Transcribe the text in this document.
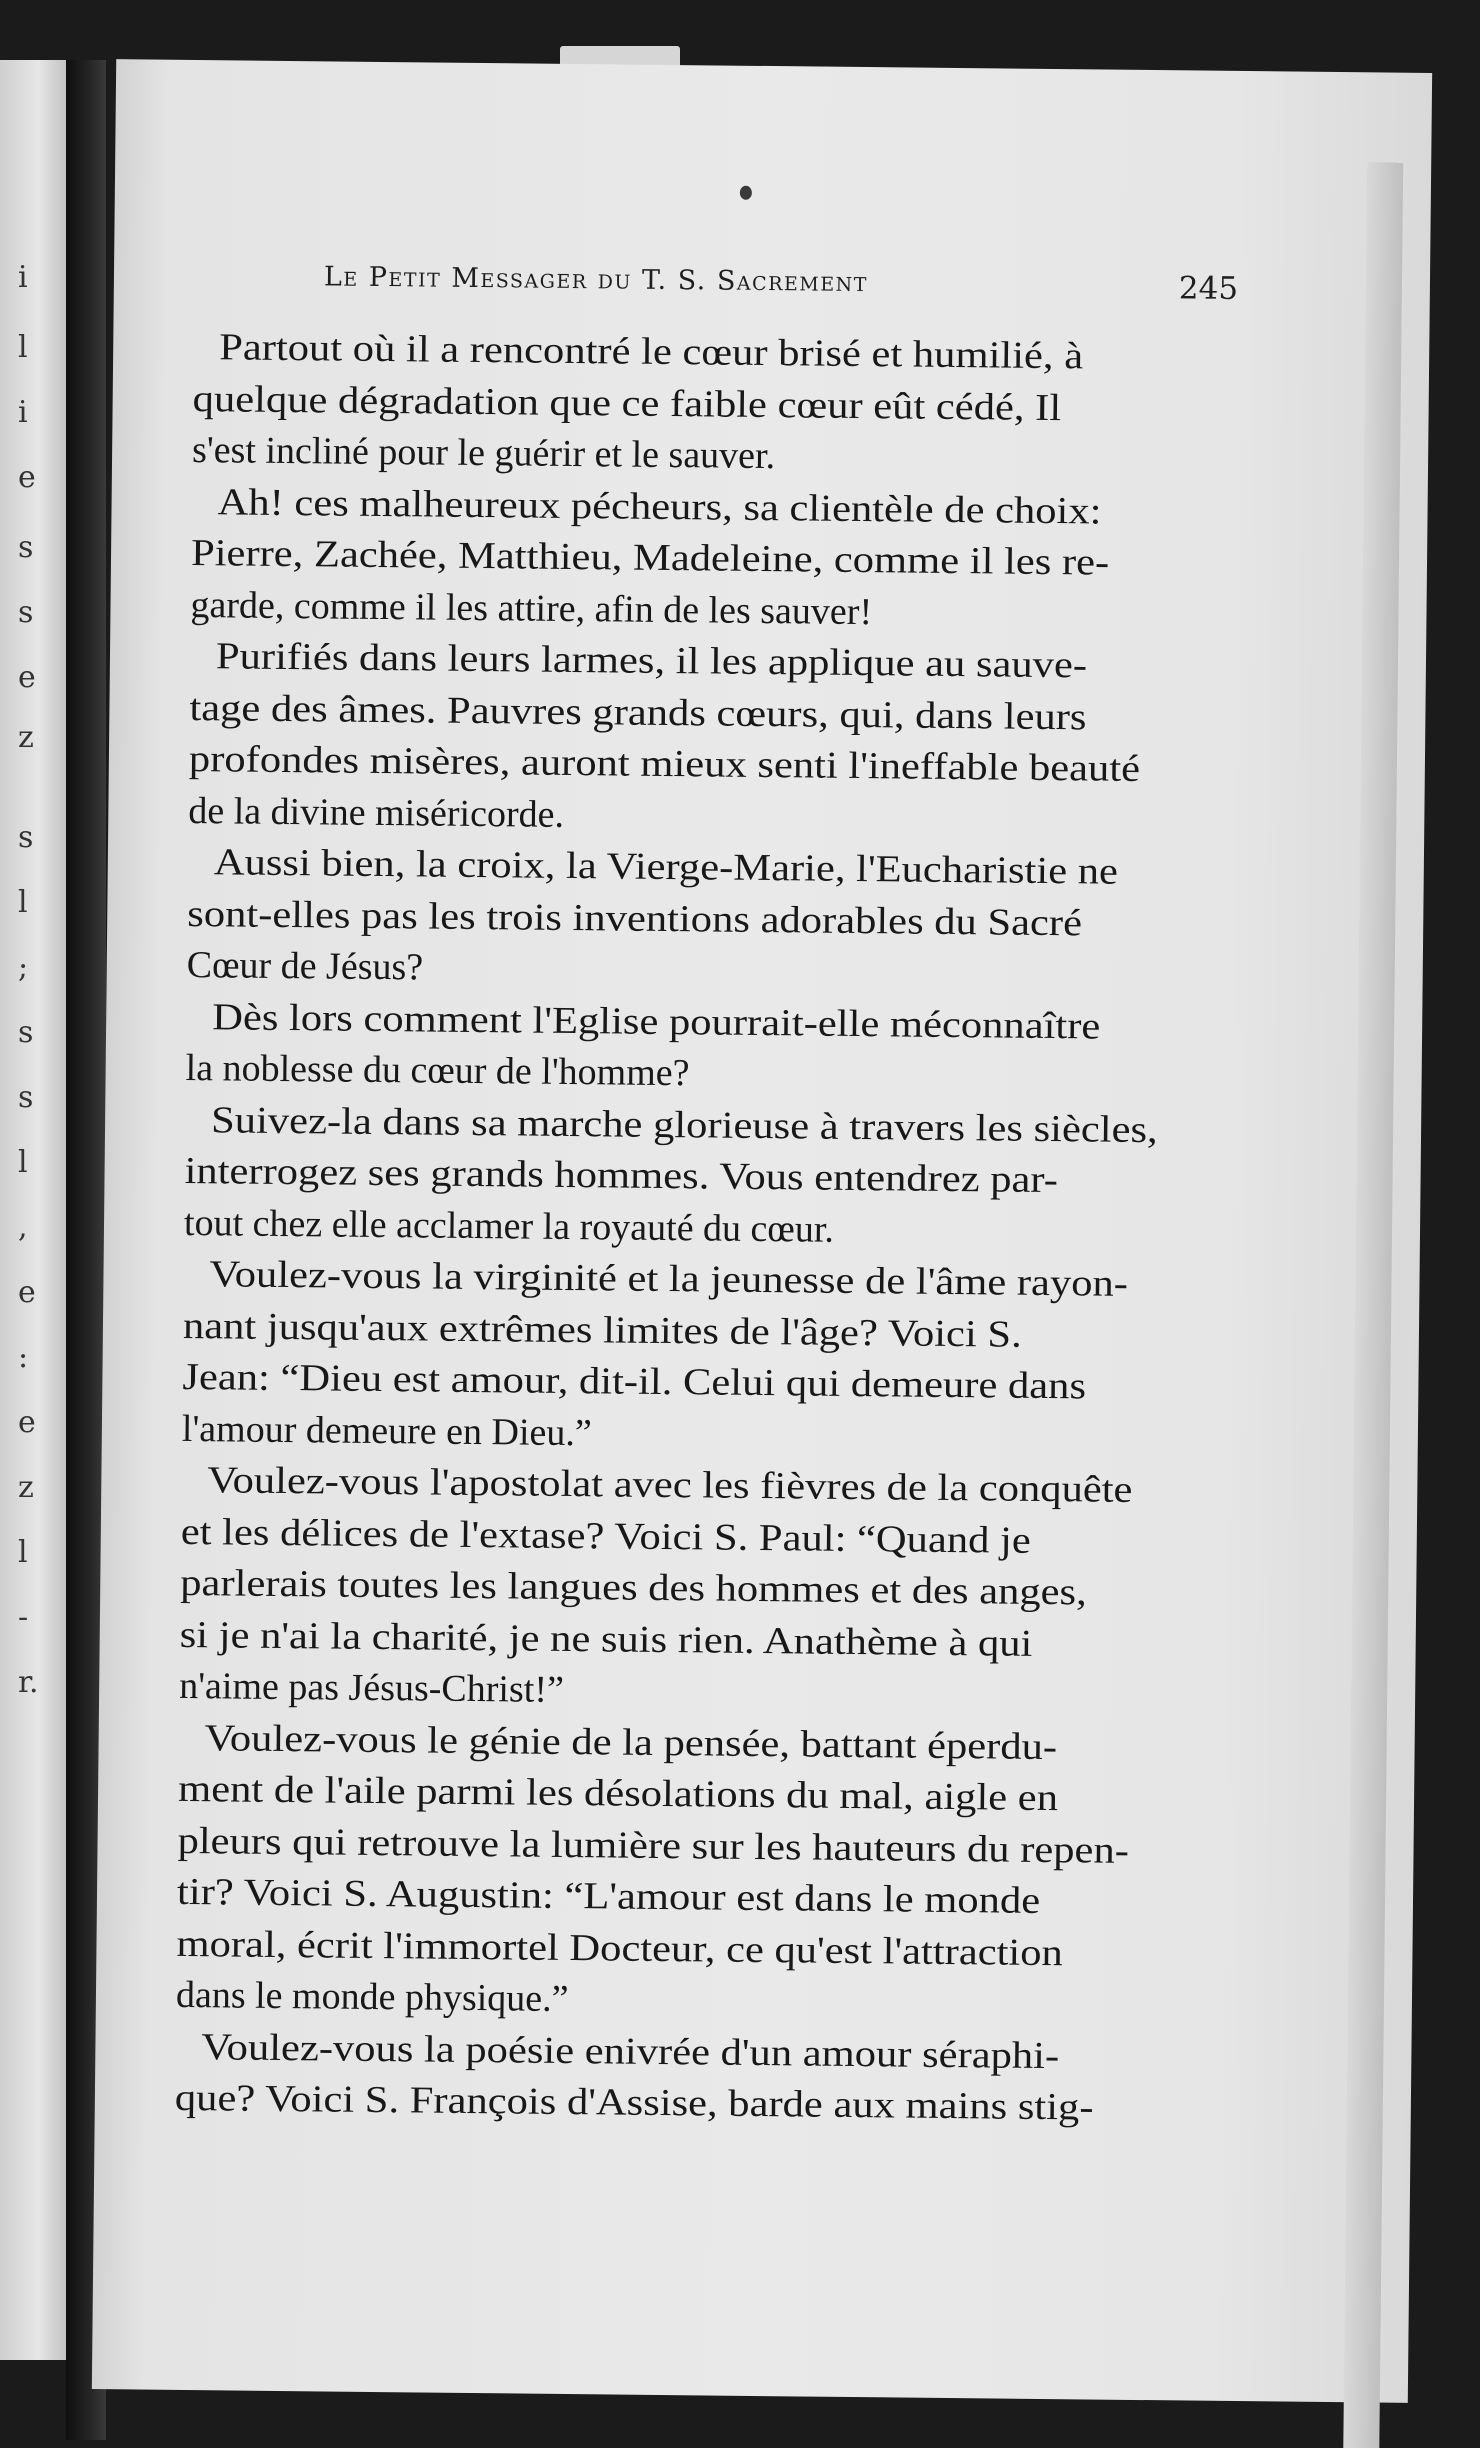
i
l
i
e
s
s
e
z
s
l
;
s
s
l
,
e
:
e
z
l
-
r.
Le Petit Messager du T. S. Sacrement	245
Partout où il a rencontré le cœur brisé et humilié, à
quelque dégradation que ce faible cœur eût cédé, Il
s'est incliné pour le guérir et le sauver.
Ah! ces malheureux pécheurs, sa clientèle de choix:
Pierre, Zachée, Matthieu, Madeleine, comme il les re-
garde, comme il les attire, afin de les sauver!
Purifiés dans leurs larmes, il les applique au sauve-
tage des âmes. Pauvres grands cœurs, qui, dans leurs
profondes misères, auront mieux senti l'ineffable beauté
de la divine miséricorde.
Aussi bien, la croix, la Vierge-Marie, l'Eucharistie ne
sont-elles pas les trois inventions adorables du Sacré
Cœur de Jésus?
Dès lors comment l'Eglise pourrait-elle méconnaître
la noblesse du cœur de l'homme?
Suivez-la dans sa marche glorieuse à travers les siècles,
interrogez ses grands hommes. Vous entendrez par-
tout chez elle acclamer la royauté du cœur.
Voulez-vous la virginité et la jeunesse de l'âme rayon-
nant jusqu'aux extrêmes limites de l'âge? Voici S.
Jean: “Dieu est amour, dit-il. Celui qui demeure dans
l'amour demeure en Dieu.”
Voulez-vous l'apostolat avec les fièvres de la conquête
et les délices de l'extase? Voici S. Paul: “Quand je
parlerais toutes les langues des hommes et des anges,
si je n'ai la charité, je ne suis rien. Anathème à qui
n'aime pas Jésus-Christ!”
Voulez-vous le génie de la pensée, battant éperdu-
ment de l'aile parmi les désolations du mal, aigle en
pleurs qui retrouve la lumière sur les hauteurs du repen-
tir? Voici S. Augustin: “L'amour est dans le monde
moral, écrit l'immortel Docteur, ce qu'est l'attraction
dans le monde physique.”
Voulez-vous la poésie enivrée d'un amour séraphi-
que? Voici S. François d'Assise, barde aux mains stig-
